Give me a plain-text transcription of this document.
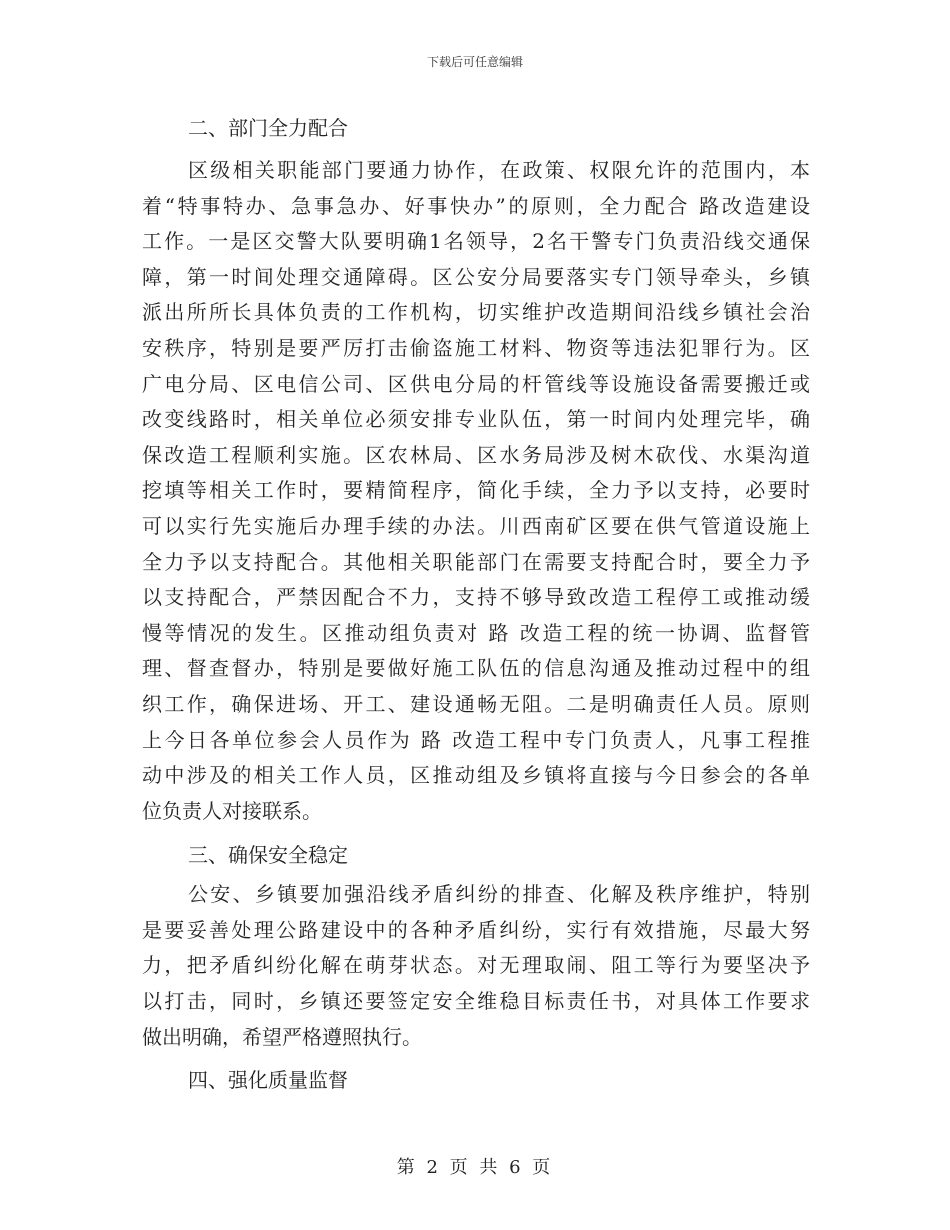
下载后可任意编辑
二、部门全力配合
区级相关职能部门要通力协作，在政策、权限允许的范围内，本
着“特事特办、急事急办、好事快办”的原则，全力配合 路改造建设
工作。一是区交警大队要明确1名领导，2名干警专门负责沿线交通保
障，第一时间处理交通障碍。区公安分局要落实专门领导牵头，乡镇
派出所所长具体负责的工作机构，切实维护改造期间沿线乡镇社会治
安秩序，特别是要严厉打击偷盗施工材料、物资等违法犯罪行为。区
广电分局、区电信公司、区供电分局的杆管线等设施设备需要搬迁或
改变线路时，相关单位必须安排专业队伍，第一时间内处理完毕，确
保改造工程顺利实施。区农林局、区水务局涉及树木砍伐、水渠沟道
挖填等相关工作时，要精简程序，简化手续，全力予以支持，必要时
可以实行先实施后办理手续的办法。川西南矿区要在供气管道设施上
全力予以支持配合。其他相关职能部门在需要支持配合时，要全力予
以支持配合，严禁因配合不力，支持不够导致改造工程停工或推动缓
慢等情况的发生。区推动组负责对 路 改造工程的统一协调、监督管
理、督查督办，特别是要做好施工队伍的信息沟通及推动过程中的组
织工作，确保进场、开工、建设通畅无阻。二是明确责任人员。原则
上今日各单位参会人员作为 路 改造工程中专门负责人，凡事工程推
动中涉及的相关工作人员，区推动组及乡镇将直接与今日参会的各单
位负责人对接联系。
三、确保安全稳定
公安、乡镇要加强沿线矛盾纠纷的排查、化解及秩序维护，特别
是要妥善处理公路建设中的各种矛盾纠纷，实行有效措施，尽最大努
力，把矛盾纠纷化解在萌芽状态。对无理取闹、阻工等行为要坚决予
以打击，同时，乡镇还要签定安全维稳目标责任书，对具体工作要求
做出明确，希望严格遵照执行。
四、强化质量监督
第 2 页 共 6 页
